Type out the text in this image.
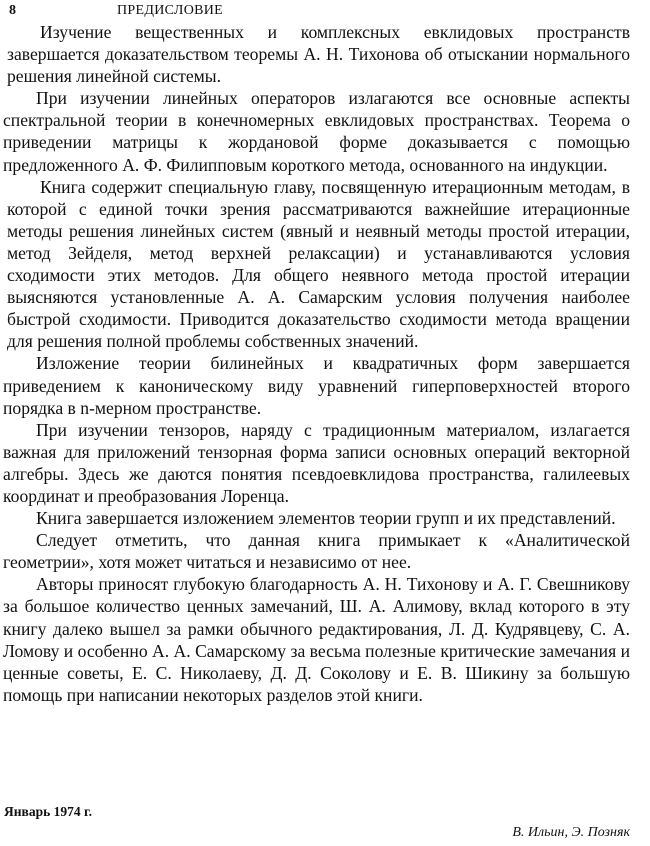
8	ПРЕДИСЛОВИЕ

Изучение вещественных и комплексных евклидовых пространств завершается доказательством теоремы А. Н. Тихонова об отыскании нормального решения линейной системы.

При изучении линейных операторов излагаются все основные аспекты спектральной теории в конечномерных евклидовых пространствах. Теорема о приведении матрицы к жордановой форме доказывается с помощью предложенного А. Ф. Филипповым короткого метода, основанного на индукции.

Книга содержит специальную главу, посвященную итерационным методам, в которой с единой точки зрения рассматриваются важнейшие итерационные методы решения линейных систем (явный и неявный методы простой итерации, метод Зейделя, метод верхней релаксации) и устанавливаются условия сходимости этих методов. Для общего неявного метода простой итерации выясняются установленные А. А. Самарским условия получения наиболее быстрой сходимости. Приводится доказательство сходимости метода вращении для решения полной проблемы собственных значений.

Изложение теории билинейных и квадратичных форм завершается приведением к каноническому виду уравнений гиперповерхностей второго порядка в n-мерном пространстве.

При изучении тензоров, наряду с традиционным материалом, излагается важная для приложений тензорная форма записи основных операций векторной алгебры. Здесь же даются понятия псевдоевклидова пространства, галилеевых координат и преобразования Лоренца.

Книга завершается изложением элементов теории групп и их представлений.

Следует отметить, что данная книга примыкает к «Аналитической геометрии», хотя может читаться и независимо от нее.

Авторы приносят глубокую благодарность А. Н. Тихонову и А. Г. Свешникову за большое количество ценных замечаний, Ш. А. Алимову, вклад которого в эту книгу далеко вышел за рамки обычного редактирования, Л. Д. Кудрявцеву, С. А. Ломову и особенно А. А. Самарскому за весьма полезные критические замечания и ценные советы, Е. С. Николаеву, Д. Д. Соколову и Е. В. Шикину за большую помощь при написании некоторых разделов этой книги.

Январь 1974 г.
В. Ильин, Э. Позняк
